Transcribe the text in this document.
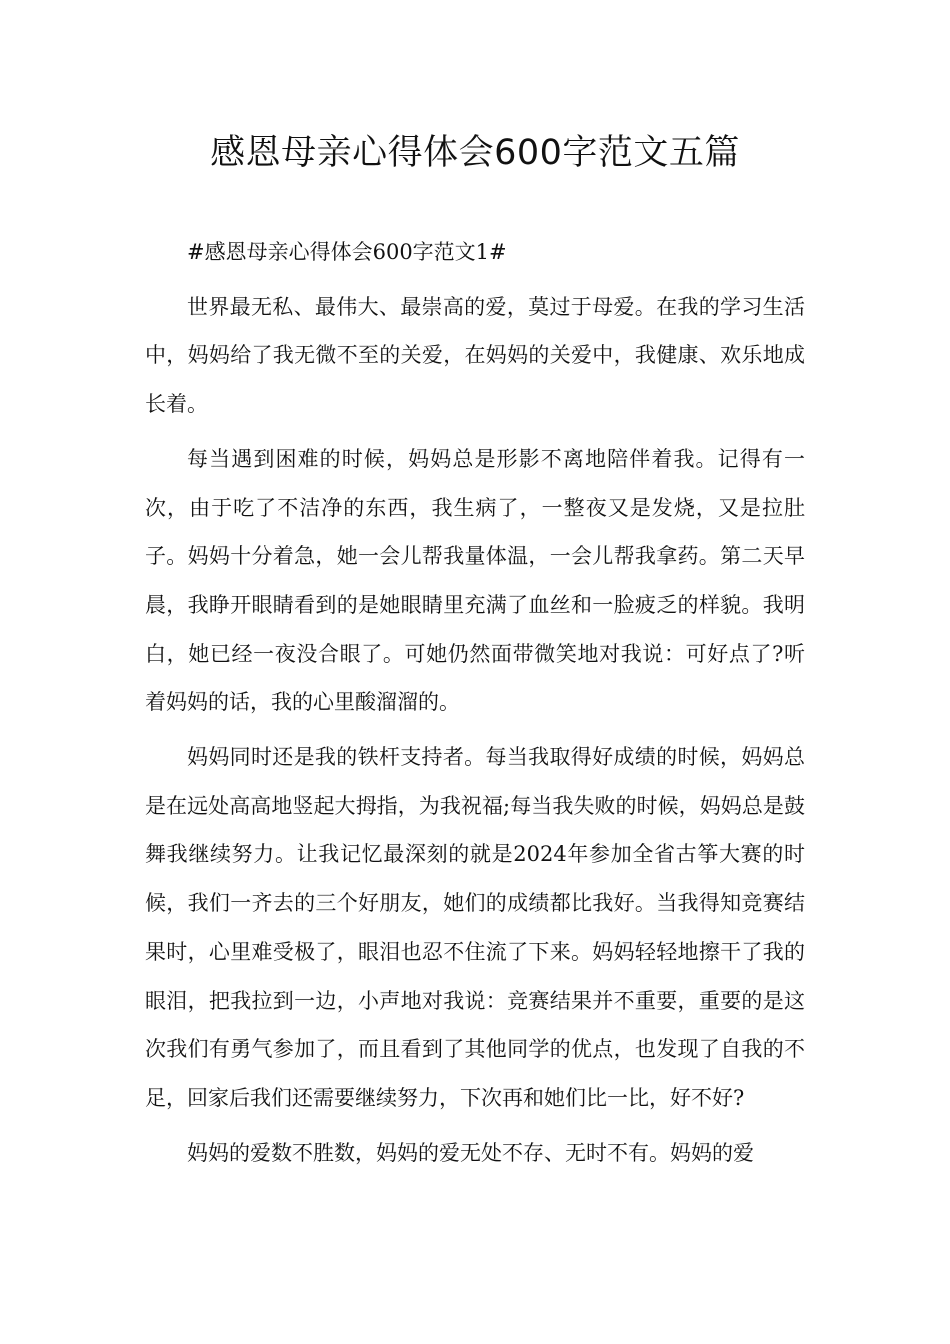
感恩母亲心得体会600字范文五篇

#感恩母亲心得体会600字范文1#

世界最无私、最伟大、最崇高的爱，莫过于母爱。在我的学习生活中，妈妈给了我无微不至的关爱，在妈妈的关爱中，我健康、欢乐地成长着。

每当遇到困难的时候，妈妈总是形影不离地陪伴着我。记得有一次，由于吃了不洁净的东西，我生病了，一整夜又是发烧，又是拉肚子。妈妈十分着急，她一会儿帮我量体温，一会儿帮我拿药。第二天早晨，我睁开眼睛看到的是她眼睛里充满了血丝和一脸疲乏的样貌。我明白，她已经一夜没合眼了。可她仍然面带微笑地对我说：可好点了?听着妈妈的话，我的心里酸溜溜的。

妈妈同时还是我的铁杆支持者。每当我取得好成绩的时候，妈妈总是在远处高高地竖起大拇指，为我祝福;每当我失败的时候，妈妈总是鼓舞我继续努力。让我记忆最深刻的就是2024年参加全省古筝大赛的时候，我们一齐去的三个好朋友，她们的成绩都比我好。当我得知竞赛结果时，心里难受极了，眼泪也忍不住流了下来。妈妈轻轻地擦干了我的眼泪，把我拉到一边，小声地对我说：竞赛结果并不重要，重要的是这次我们有勇气参加了，而且看到了其他同学的优点，也发现了自我的不足，回家后我们还需要继续努力，下次再和她们比一比，好不好?

妈妈的爱数不胜数，妈妈的爱无处不存、无时不有。妈妈的爱
